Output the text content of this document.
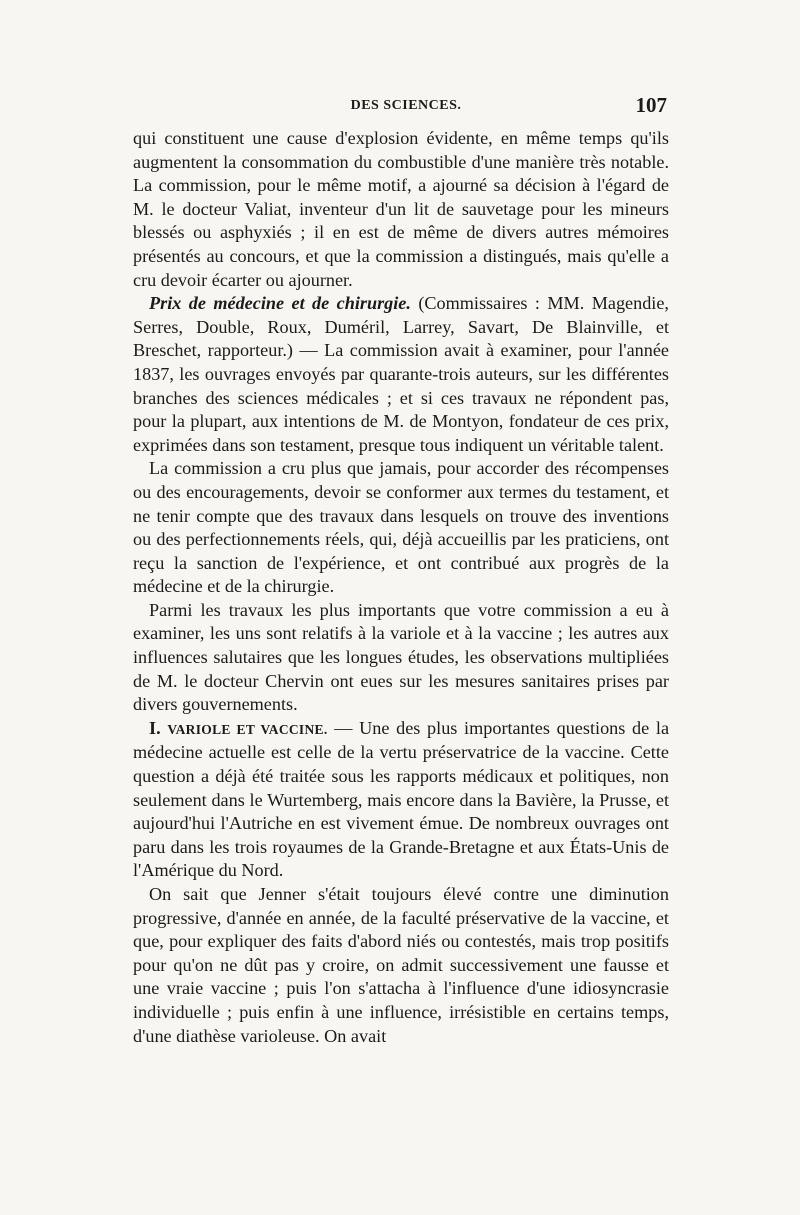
DES SCIENCES.	107

qui constituent une cause d'explosion évidente, en même temps qu'ils augmentent la consommation du combustible d'une manière très notable. La commission, pour le même motif, a ajourné sa décision à l'égard de M. le docteur Valiat, inventeur d'un lit de sauvetage pour les mineurs blessés ou asphyxiés ; il en est de même de divers autres mémoires présentés au concours, et que la commission a distingués, mais qu'elle a cru devoir écarter ou ajourner.

Prix de médecine et de chirurgie. (Commissaires : MM. Magendie, Serres, Double, Roux, Duméril, Larrey, Savart, De Blainville, et Breschet, rapporteur.) — La commission avait à examiner, pour l'année 1837, les ouvrages envoyés par quarante-trois auteurs, sur les différentes branches des sciences médicales ; et si ces travaux ne répondent pas, pour la plupart, aux intentions de M. de Montyon, fondateur de ces prix, exprimées dans son testament, presque tous indiquent un véritable talent.

La commission a cru plus que jamais, pour accorder des récompenses ou des encouragements, devoir se conformer aux termes du testament, et ne tenir compte que des travaux dans lesquels on trouve des inventions ou des perfectionnements réels, qui, déjà accueillis par les praticiens, ont reçu la sanction de l'expérience, et ont contribué aux progrès de la médecine et de la chirurgie.

Parmi les travaux les plus importants que votre commission a eu à examiner, les uns sont relatifs à la variole et à la vaccine ; les autres aux influences salutaires que les longues études, les observations multipliées de M. le docteur Chervin ont eues sur les mesures sanitaires prises par divers gouvernements.

I. VARIOLE ET VACCINE. — Une des plus importantes questions de la médecine actuelle est celle de la vertu préservatrice de la vaccine. Cette question a déjà été traitée sous les rapports médicaux et politiques, non seulement dans le Wurtemberg, mais encore dans la Bavière, la Prusse, et aujourd'hui l'Autriche en est vivement émue. De nombreux ouvrages ont paru dans les trois royaumes de la Grande-Bretagne et aux États-Unis de l'Amérique du Nord.

On sait que Jenner s'était toujours élevé contre une diminution progressive, d'année en année, de la faculté préservative de la vaccine, et que, pour expliquer des faits d'abord niés ou contestés, mais trop positifs pour qu'on ne dût pas y croire, on admit successivement une fausse et une vraie vaccine ; puis l'on s'attacha à l'influence d'une idiosyncrasie individuelle ; puis enfin à une influence, irrésistible en certains temps, d'une diathèse varioleuse. On avait
